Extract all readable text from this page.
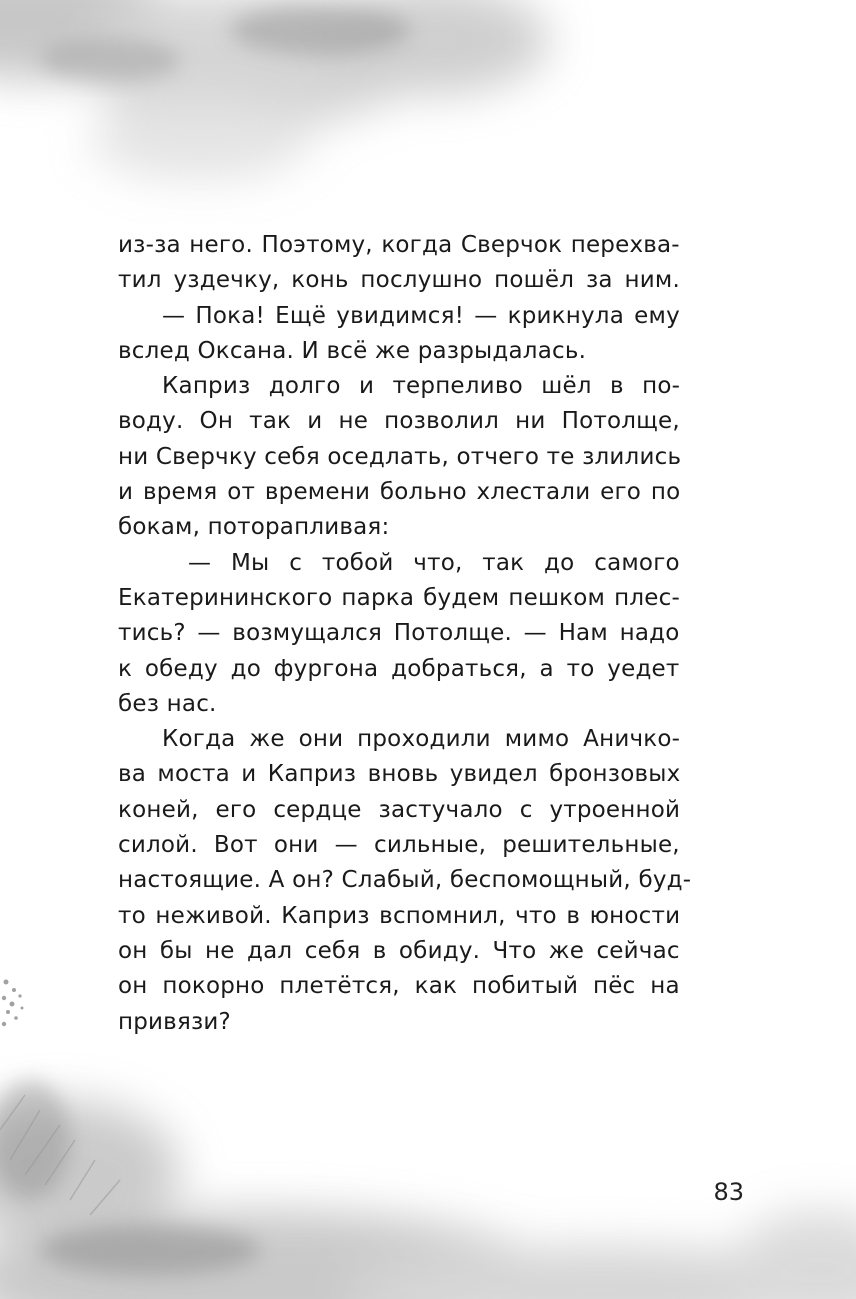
из-за него. Поэтому, когда Сверчок перехва-
тил уздечку, конь послушно пошёл за ним.
— Пока! Ещё увидимся! — крикнула ему
вслед Оксана. И всё же разрыдалась.
Каприз долго и терпеливо шёл в по-
воду. Он так и не позволил ни Потолще,
ни Сверчку себя оседлать, отчего те злились
и время от времени больно хлестали его по
бокам, поторапливая:
— Мы с тобой что, так до самого
Екатерининского парка будем пешком плес-
тись? — возмущался Потолще. — Нам надо
к обеду до фургона добраться, а то уедет
без нас.
Когда же они проходили мимо Аничко-
ва моста и Каприз вновь увидел бронзовых
коней, его сердце застучало с утроенной
силой. Вот они — сильные, решительные,
настоящие. А он? Слабый, беспомощный, буд-
то неживой. Каприз вспомнил, что в юности
он бы не дал себя в обиду. Что же сейчас
он покорно плетётся, как побитый пёс на
привязи?
83
